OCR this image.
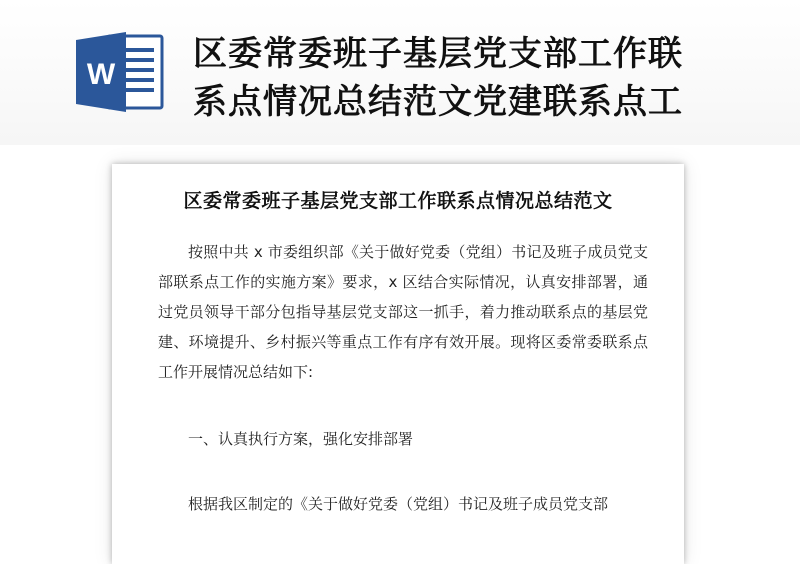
W
区委常委班子基层党支部工作联
系点情况总结范文党建联系点工
区委常委班子基层党支部工作联系点情况总结范文
按照中共 x 市委组织部《关于做好党委（党组）书记及班子成员党支部联系点工作的实施方案》要求，x 区结合实际情况，认真安排部署，通过党员领导干部分包指导基层党支部这一抓手，着力推动联系点的基层党建、环境提升、乡村振兴等重点工作有序有效开展。现将区委常委联系点工作开展情况总结如下:
一、认真执行方案，强化安排部署
根据我区制定的《关于做好党委（党组）书记及班子成员党支部
